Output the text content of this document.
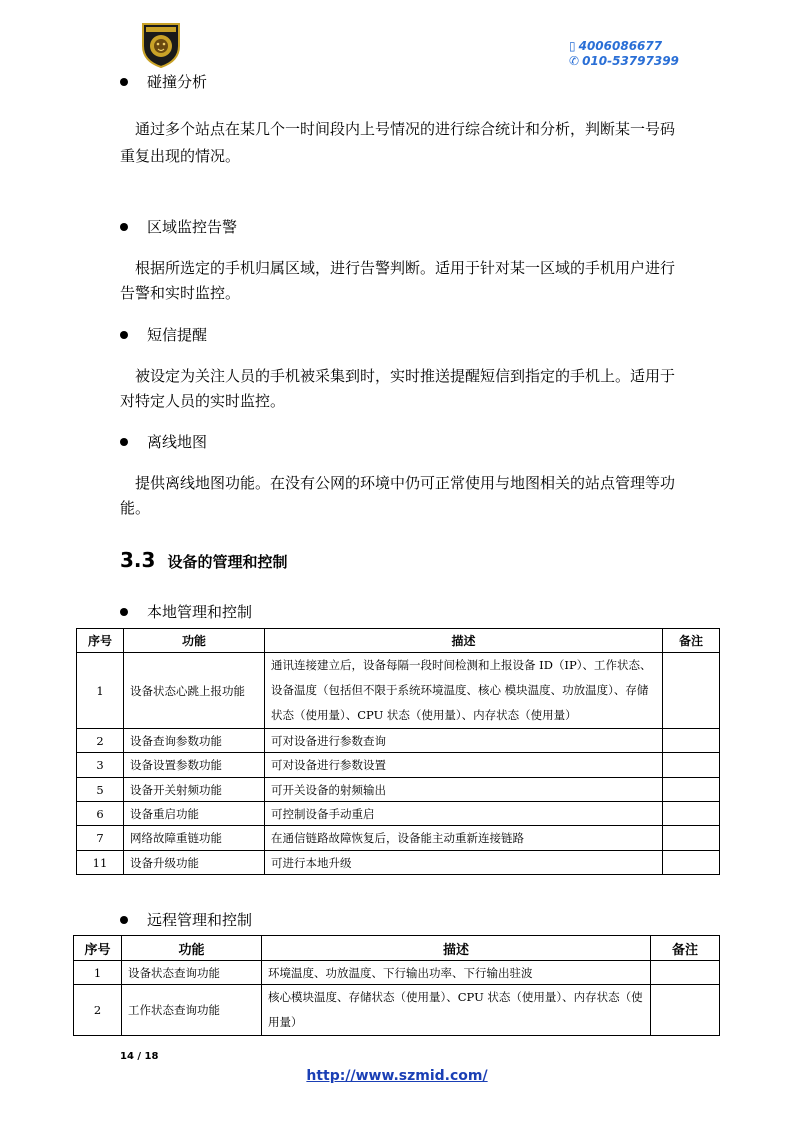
▯ 4006086677
✆ 010-53797399
碰撞分析
通过多个站点在某几个一时间段内上号情况的进行综合统计和分析，判断某一号码重复出现的情况。
区域监控告警
根据所选定的手机归属区域，进行告警判断。适用于针对某一区域的手机用户进行告警和实时监控。
短信提醒
被设定为关注人员的手机被采集到时，实时推送提醒短信到指定的手机上。适用于对特定人员的实时监控。
离线地图
提供离线地图功能。在没有公网的环境中仍可正常使用与地图相关的站点管理等功能。
3.3 设备的管理和控制
本地管理和控制
序号	功能	描述	备注
1	设备状态心跳上报功能	通讯连接建立后，设备每隔一段时间检测和上报设备 ID（IP）、工作状态、设备温度（包括但不限于系统环境温度、核心 模块温度、功放温度）、存储状态（使用量）、CPU 状态（使用量）、内存状态（使用量）	
2	设备查询参数功能	可对设备进行参数查询	
3	设备设置参数功能	可对设备进行参数设置	
5	设备开关射频功能	可开关设备的射频输出	
6	设备重启功能	可控制设备手动重启	
7	网络故障重链功能	在通信链路故障恢复后，设备能主动重新连接链路	
11	设备升级功能	可进行本地升级	
远程管理和控制
序号	功能	描述	备注
1	设备状态查询功能	环境温度、功放温度、下行输出功率、下行输出驻波	
2	工作状态查询功能	核心模块温度、存储状态（使用量）、CPU 状态（使用量）、内存状态（使用量）	
14 / 18
http://www.szmid.com/
